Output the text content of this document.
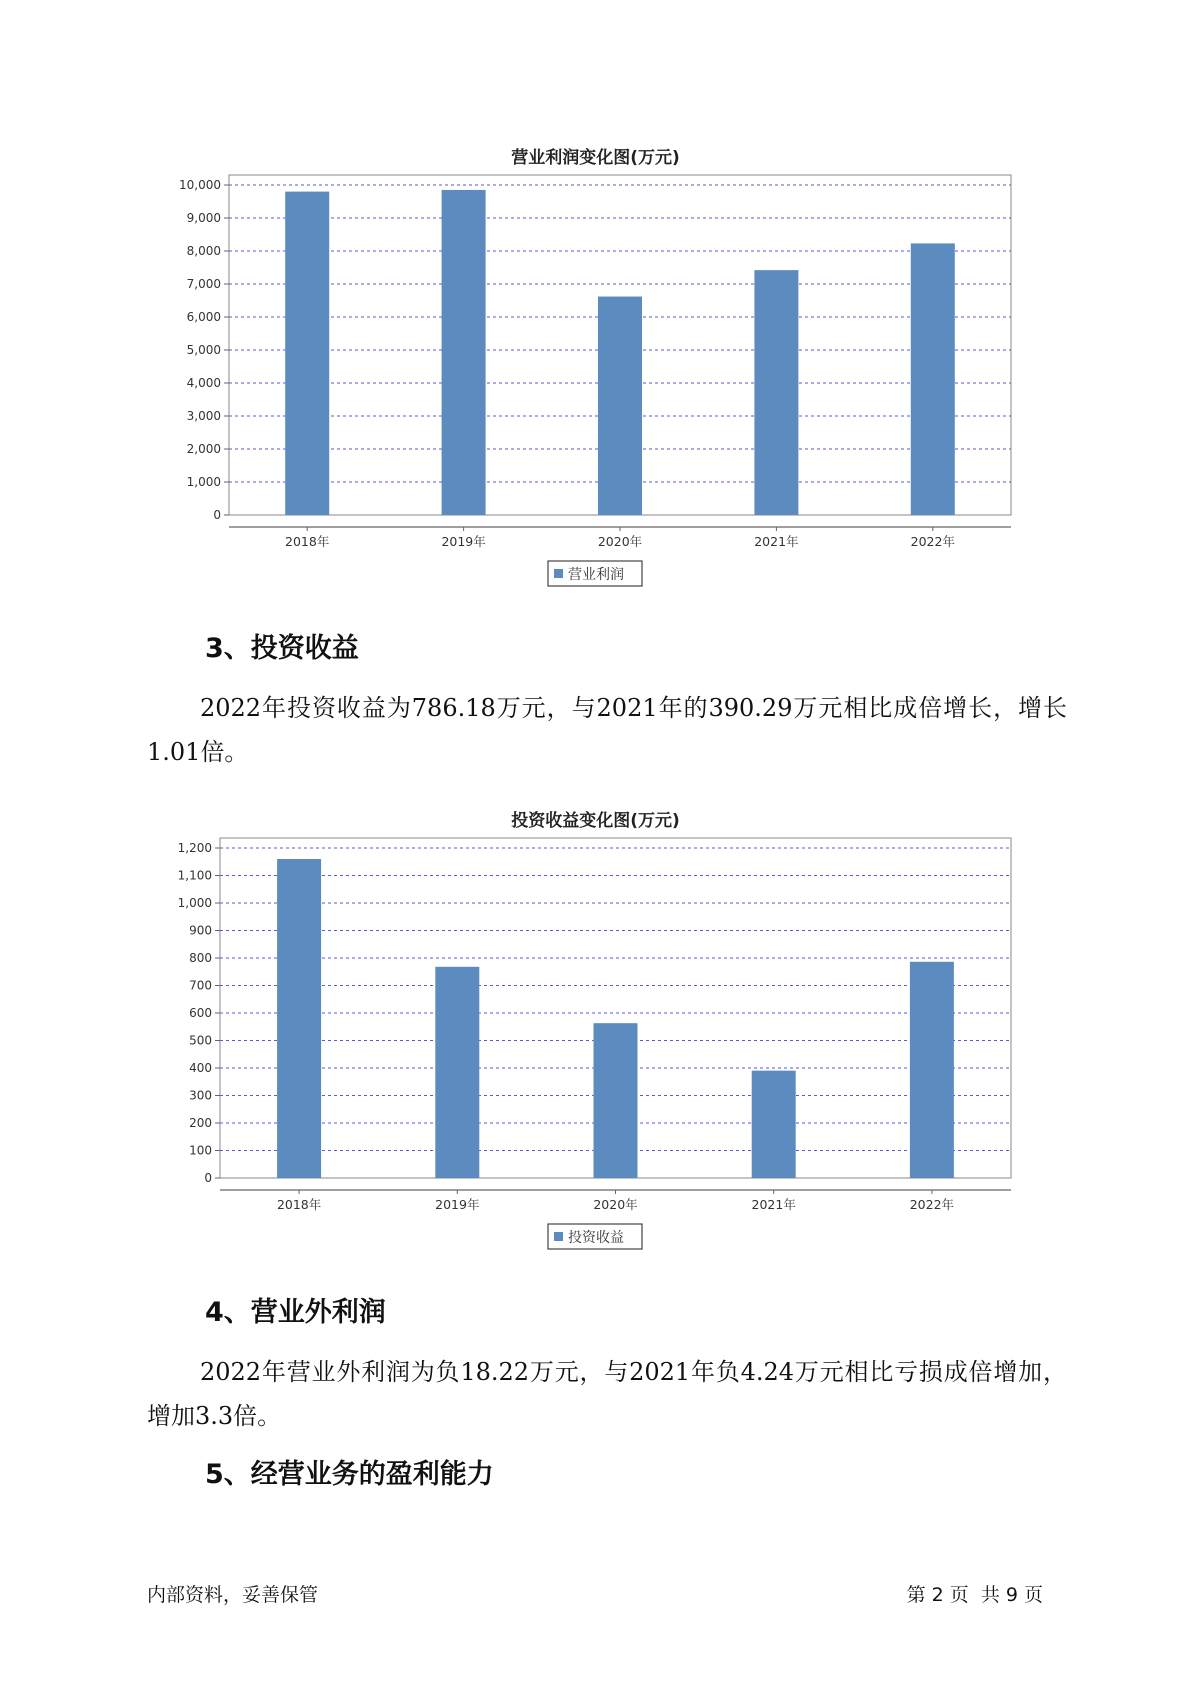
营业利润变化图(万元)
0
1,000
2,000
3,000
4,000
5,000
6,000
7,000
8,000
9,000
10,000
2018年	2019年	2020年	2021年	2022年
营业利润
3、投资收益
2022年投资收益为786.18万元，与2021年的390.29万元相比成倍增长，增长1.01倍。
投资收益变化图(万元)
0
100
200
300
400
500
600
700
800
900
1,000
1,100
1,200
2018年	2019年	2020年	2021年	2022年
投资收益
4、营业外利润
2022年营业外利润为负18.22万元，与2021年负4.24万元相比亏损成倍增加，增加3.3倍。
5、经营业务的盈利能力
内部资料，妥善保管	第 2 页  共 9 页
